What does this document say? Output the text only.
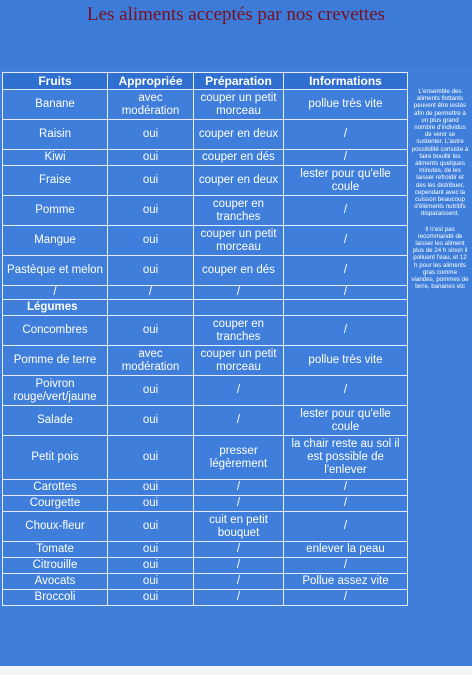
Les aliments acceptés par nos crevettes
Fruits	Appropriée	Préparation	Informations
Banane	avec modération	couper un petit morceau	pollue très vite
Raisin	oui	couper en deux	/
Kiwi	oui	couper en dés	/
Fraise	oui	couper en deux	lester pour qu'elle coule
Pomme	oui	couper en tranches	/
Mangue	oui	couper un petit morceau	/
Pastèque et melon	oui	couper en dés	/
/	/	/	/
Légumes			
Concombres	oui	couper en tranches	/
Pomme de terre	avec modération	couper un petit morceau	pollue très vite
Poivron rouge/vert/jaune	oui	/	/
Salade	oui	/	lester pour qu'elle coule
Petit pois	oui	presser légèrement	la chair reste au sol il est possible de l'enlever
Carottes	oui	/	/
Courgette	oui	/	/
Choux-fleur	oui	cuit en petit bouquet	/
Tomate	oui	/	enlever la peau
Citrouille	oui	/	/
Avocats	oui	/	Pollue assez vite
Broccoli	oui	/	/

L'ensemble des aliments flottants peuvent être lestés afin de permettre à un plus grand nombre d'individus de venir se sustenter. L'autre possibilité consiste à faire bouillir les aliments quelques minutes, de les laisser refroidir et des les distribuer, cependant avec la cuisson beaucoup d'éléments nutritifs disparaissent.

Il n'est pas recommandé de laisser les aliment plus de 24 h sinon il polluent l'eau, et 12 h pour les aliments gras comme viandes, pommes de terre, bananes etc
